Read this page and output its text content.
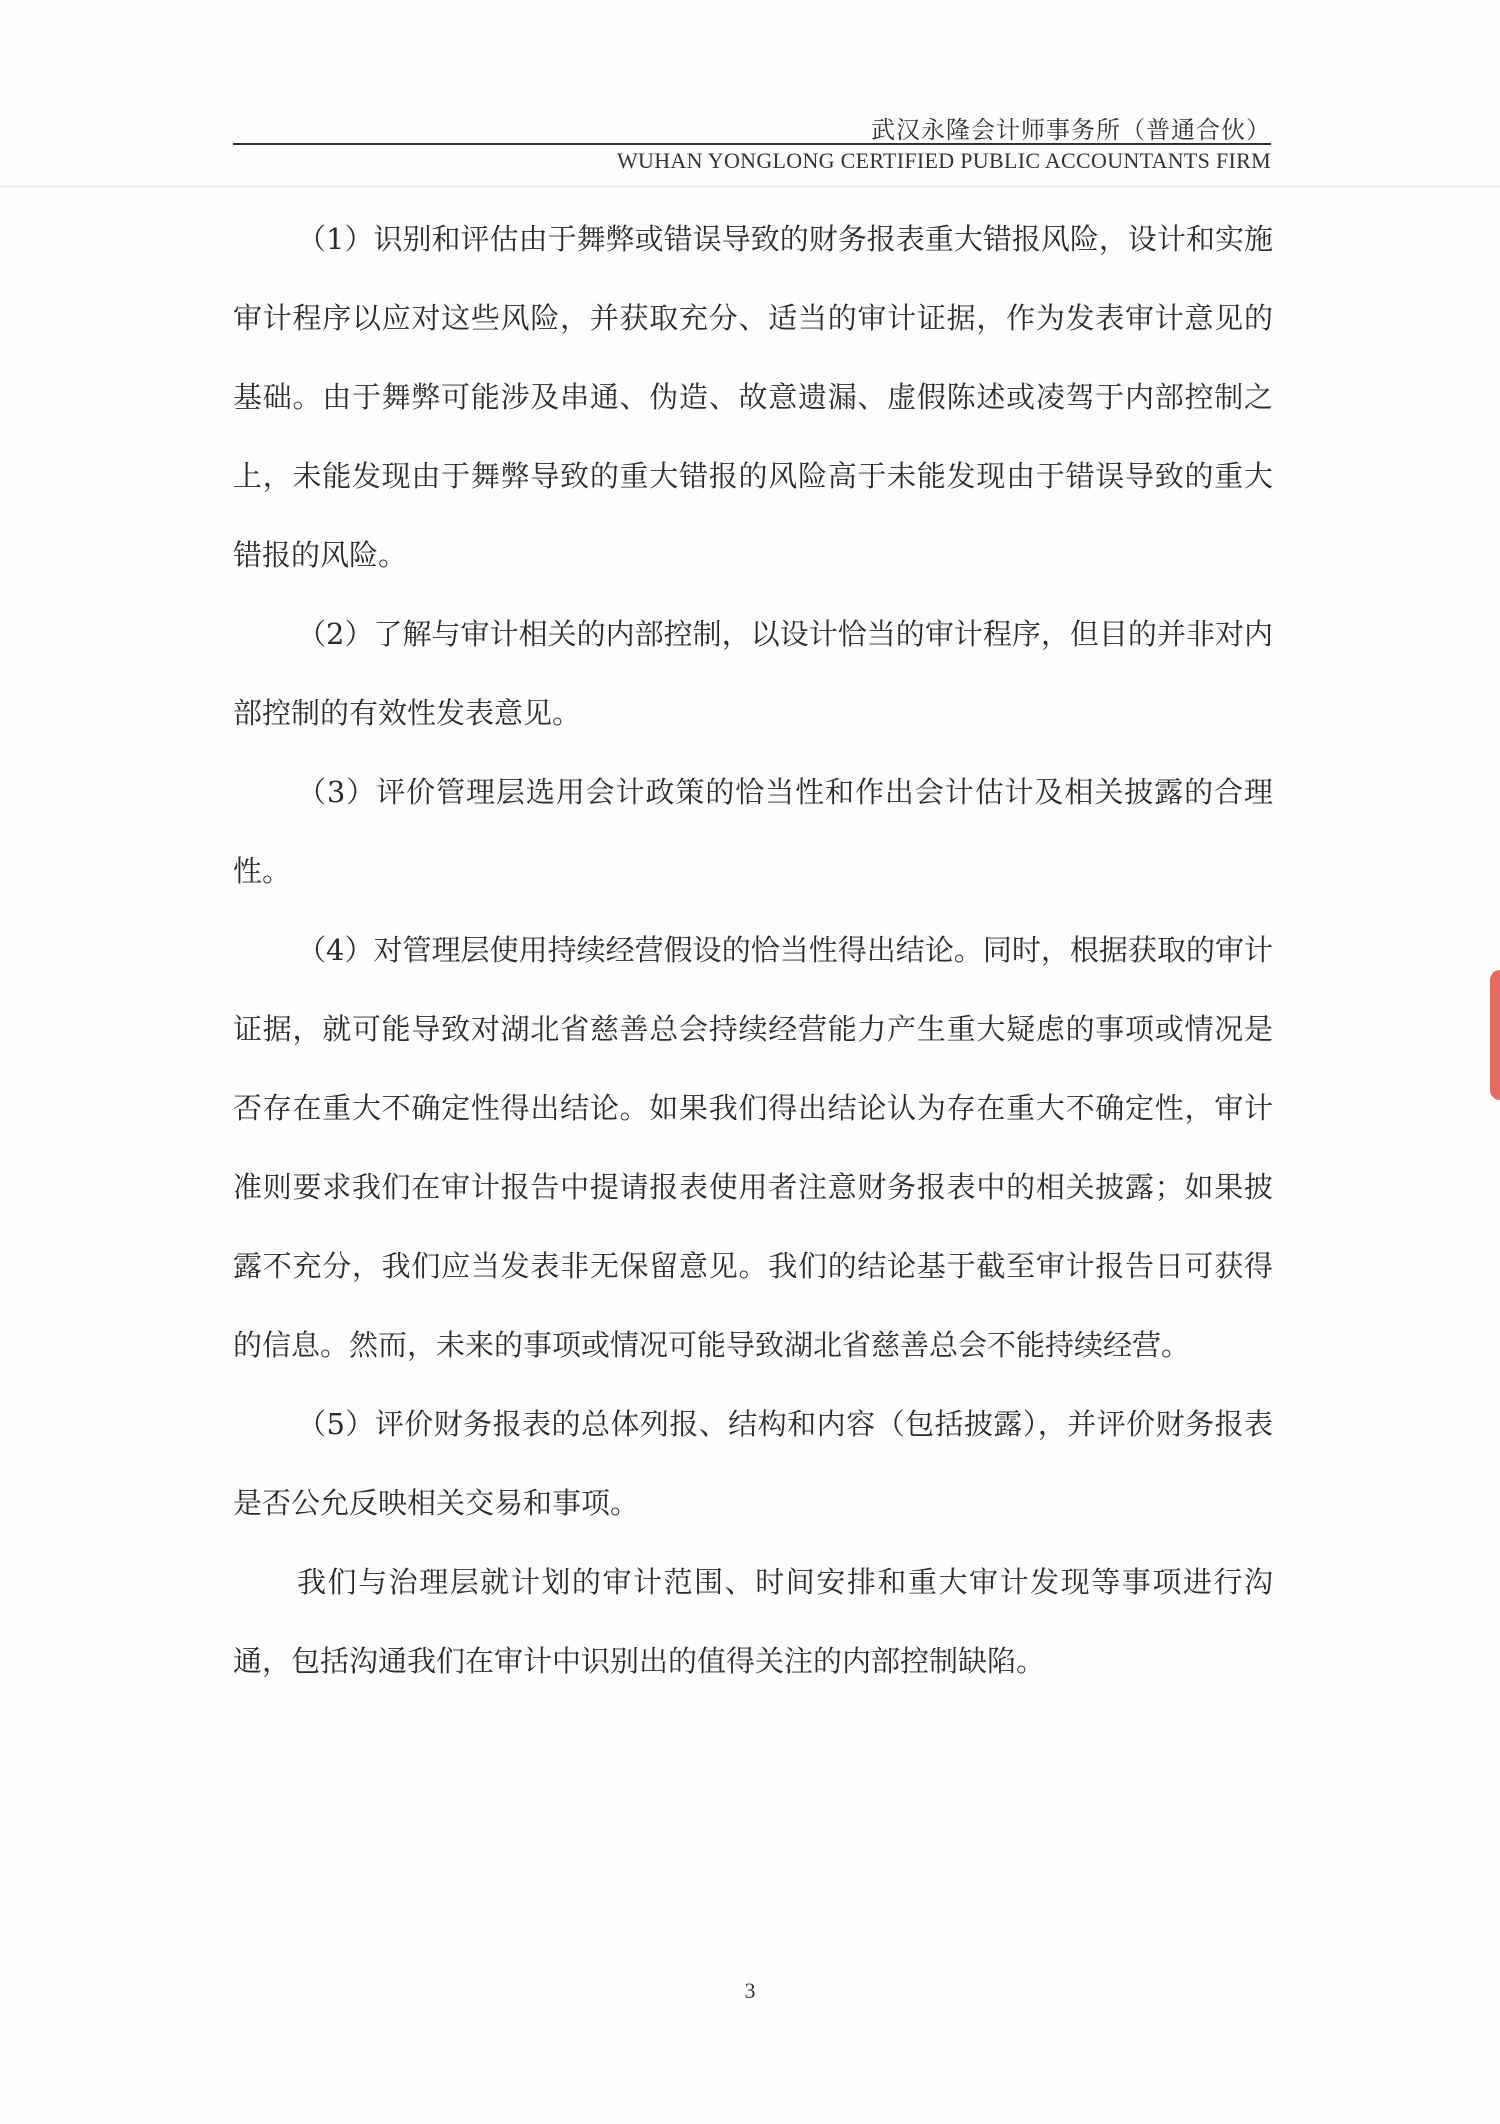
武汉永隆会计师事务所（普通合伙）
WUHAN YONGLONG CERTIFIED PUBLIC ACCOUNTANTS FIRM

（1）识别和评估由于舞弊或错误导致的财务报表重大错报风险，设计和实施审计程序以应对这些风险，并获取充分、适当的审计证据，作为发表审计意见的基础。由于舞弊可能涉及串通、伪造、故意遗漏、虚假陈述或凌驾于内部控制之上，未能发现由于舞弊导致的重大错报的风险高于未能发现由于错误导致的重大错报的风险。

（2）了解与审计相关的内部控制，以设计恰当的审计程序，但目的并非对内部控制的有效性发表意见。

（3）评价管理层选用会计政策的恰当性和作出会计估计及相关披露的合理性。

（4）对管理层使用持续经营假设的恰当性得出结论。同时，根据获取的审计证据，就可能导致对湖北省慈善总会持续经营能力产生重大疑虑的事项或情况是否存在重大不确定性得出结论。如果我们得出结论认为存在重大不确定性，审计准则要求我们在审计报告中提请报表使用者注意财务报表中的相关披露；如果披露不充分，我们应当发表非无保留意见。我们的结论基于截至审计报告日可获得的信息。然而，未来的事项或情况可能导致湖北省慈善总会不能持续经营。

（5）评价财务报表的总体列报、结构和内容（包括披露），并评价财务报表是否公允反映相关交易和事项。

我们与治理层就计划的审计范围、时间安排和重大审计发现等事项进行沟通，包括沟通我们在审计中识别出的值得关注的内部控制缺陷。

3
